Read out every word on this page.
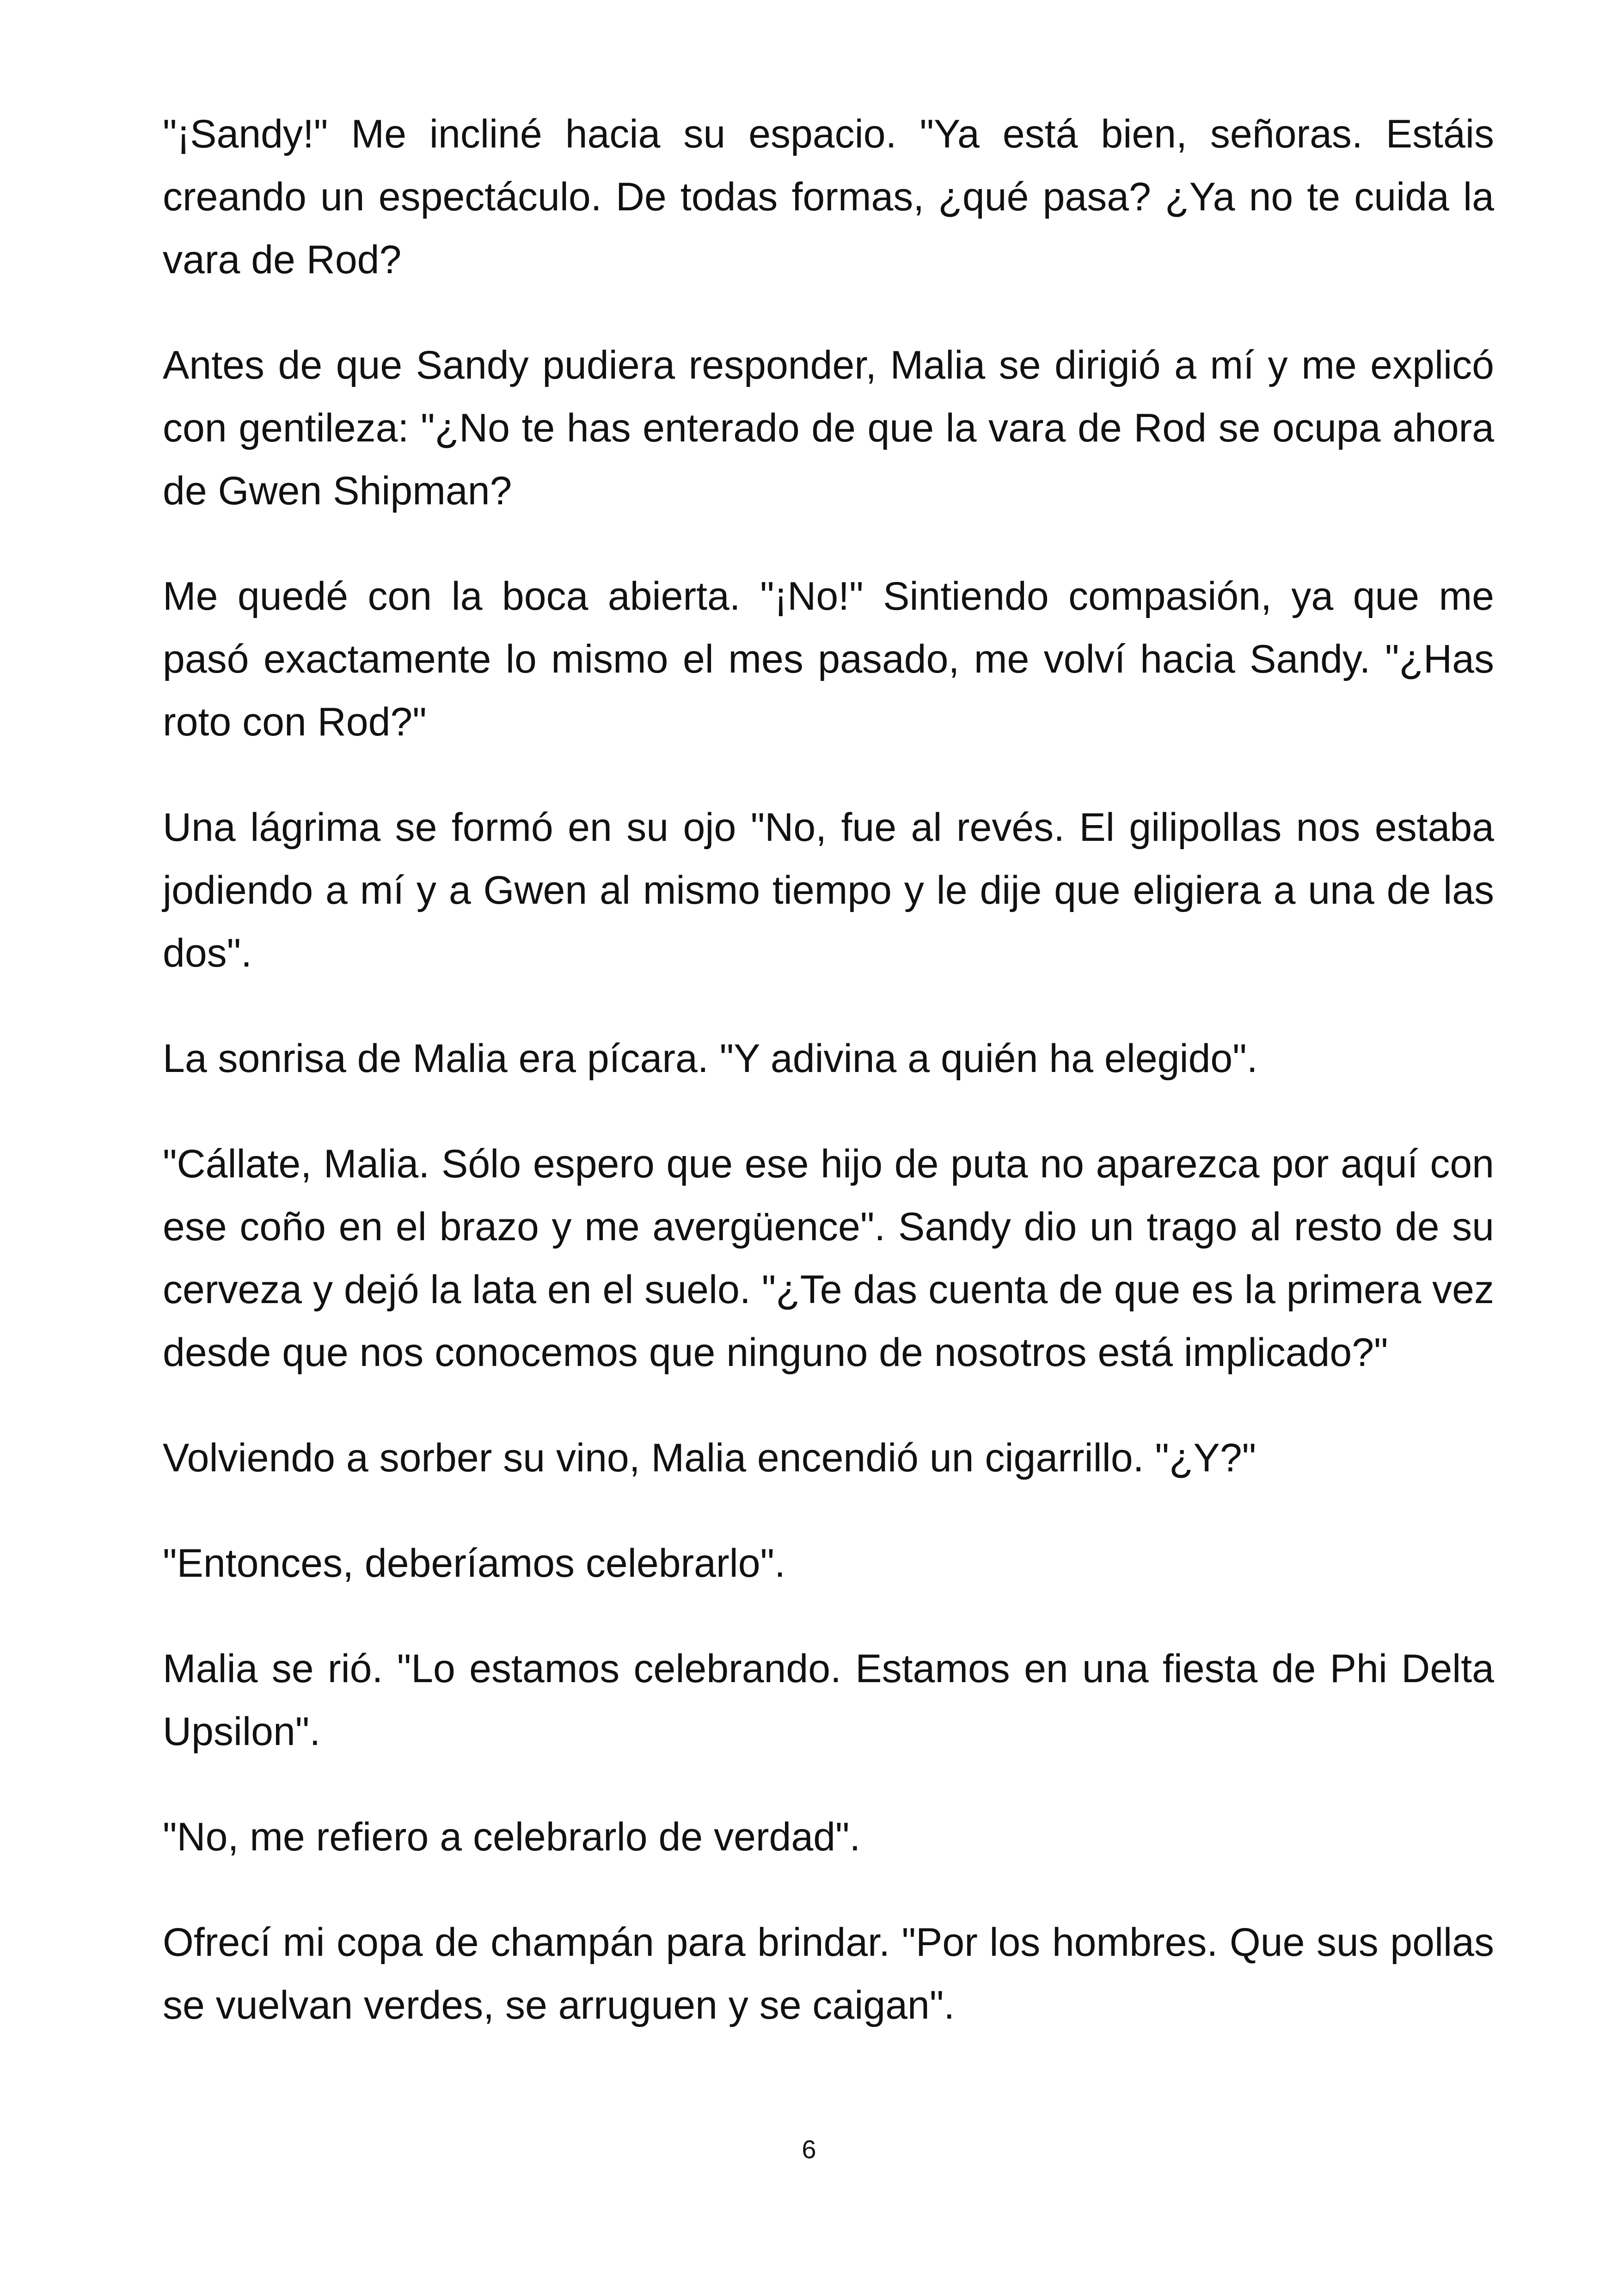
"¡Sandy!" Me incliné hacia su espacio. "Ya está bien, señoras. Estáis creando un espectáculo. De todas formas, ¿qué pasa? ¿Ya no te cuida la vara de Rod?

Antes de que Sandy pudiera responder, Malia se dirigió a mí y me explicó con gentileza: "¿No te has enterado de que la vara de Rod se ocupa ahora de Gwen Shipman?

Me quedé con la boca abierta. "¡No!" Sintiendo compasión, ya que me pasó exactamente lo mismo el mes pasado, me volví hacia Sandy. "¿Has roto con Rod?"

Una lágrima se formó en su ojo "No, fue al revés. El gilipollas nos estaba jodiendo a mí y a Gwen al mismo tiempo y le dije que eligiera a una de las dos".

La sonrisa de Malia era pícara. "Y adivina a quién ha elegido".

"Cállate, Malia. Sólo espero que ese hijo de puta no aparezca por aquí con ese coño en el brazo y me avergüence". Sandy dio un trago al resto de su cerveza y dejó la lata en el suelo. "¿Te das cuenta de que es la primera vez desde que nos conocemos que ninguno de nosotros está implicado?"

Volviendo a sorber su vino, Malia encendió un cigarrillo. "¿Y?"

"Entonces, deberíamos celebrarlo".

Malia se rió. "Lo estamos celebrando. Estamos en una fiesta de Phi Delta Upsilon".

"No, me refiero a celebrarlo de verdad".

Ofrecí mi copa de champán para brindar. "Por los hombres. Que sus pollas se vuelvan verdes, se arruguen y se caigan".

6
